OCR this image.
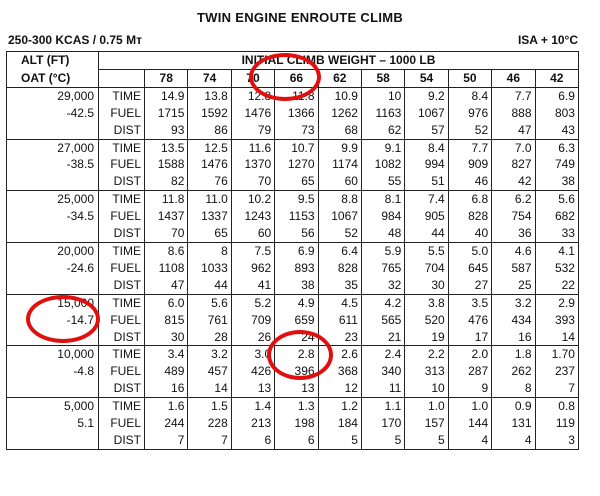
TWIN ENGINE ENROUTE CLIMB
250-300 KCAS / 0.75 Mᴛ	ISA + 10°C
ALT (FT)	INITIAL CLIMB WEIGHT – 1000 LB										
OAT (°C)		78	74	70	66	62	58	54	50	46	42
29,000	TIME	14.9	13.8	12.8	11.8	10.9	10	9.2	8.4	7.7	6.9
-42.5	FUEL	1715	1592	1476	1366	1262	1163	1067	976	888	803
	DIST	93	86	79	73	68	62	57	52	47	43
27,000	TIME	13.5	12.5	11.6	10.7	9.9	9.1	8.4	7.7	7.0	6.3
-38.5	FUEL	1588	1476	1370	1270	1174	1082	994	909	827	749
	DIST	82	76	70	65	60	55	51	46	42	38
25,000	TIME	11.8	11.0	10.2	9.5	8.8	8.1	7.4	6.8	6.2	5.6
-34.5	FUEL	1437	1337	1243	1153	1067	984	905	828	754	682
	DIST	70	65	60	56	52	48	44	40	36	33
20,000	TIME	8.6	8	7.5	6.9	6.4	5.9	5.5	5.0	4.6	4.1
-24.6	FUEL	1108	1033	962	893	828	765	704	645	587	532
	DIST	47	44	41	38	35	32	30	27	25	22
15,000	TIME	6.0	5.6	5.2	4.9	4.5	4.2	3.8	3.5	3.2	2.9
-14.7	FUEL	815	761	709	659	611	565	520	476	434	393
	DIST	30	28	26	24	23	21	19	17	16	14
10,000	TIME	3.4	3.2	3.0	2.8	2.6	2.4	2.2	2.0	1.8	1.70
-4.8	FUEL	489	457	426	396	368	340	313	287	262	237
	DIST	16	14	13	13	12	11	10	9	8	7
5,000	TIME	1.6	1.5	1.4	1.3	1.2	1.1	1.0	1.0	0.9	0.8
5.1	FUEL	244	228	213	198	184	170	157	144	131	119
	DIST	7	7	6	6	5	5	5	4	4	3
